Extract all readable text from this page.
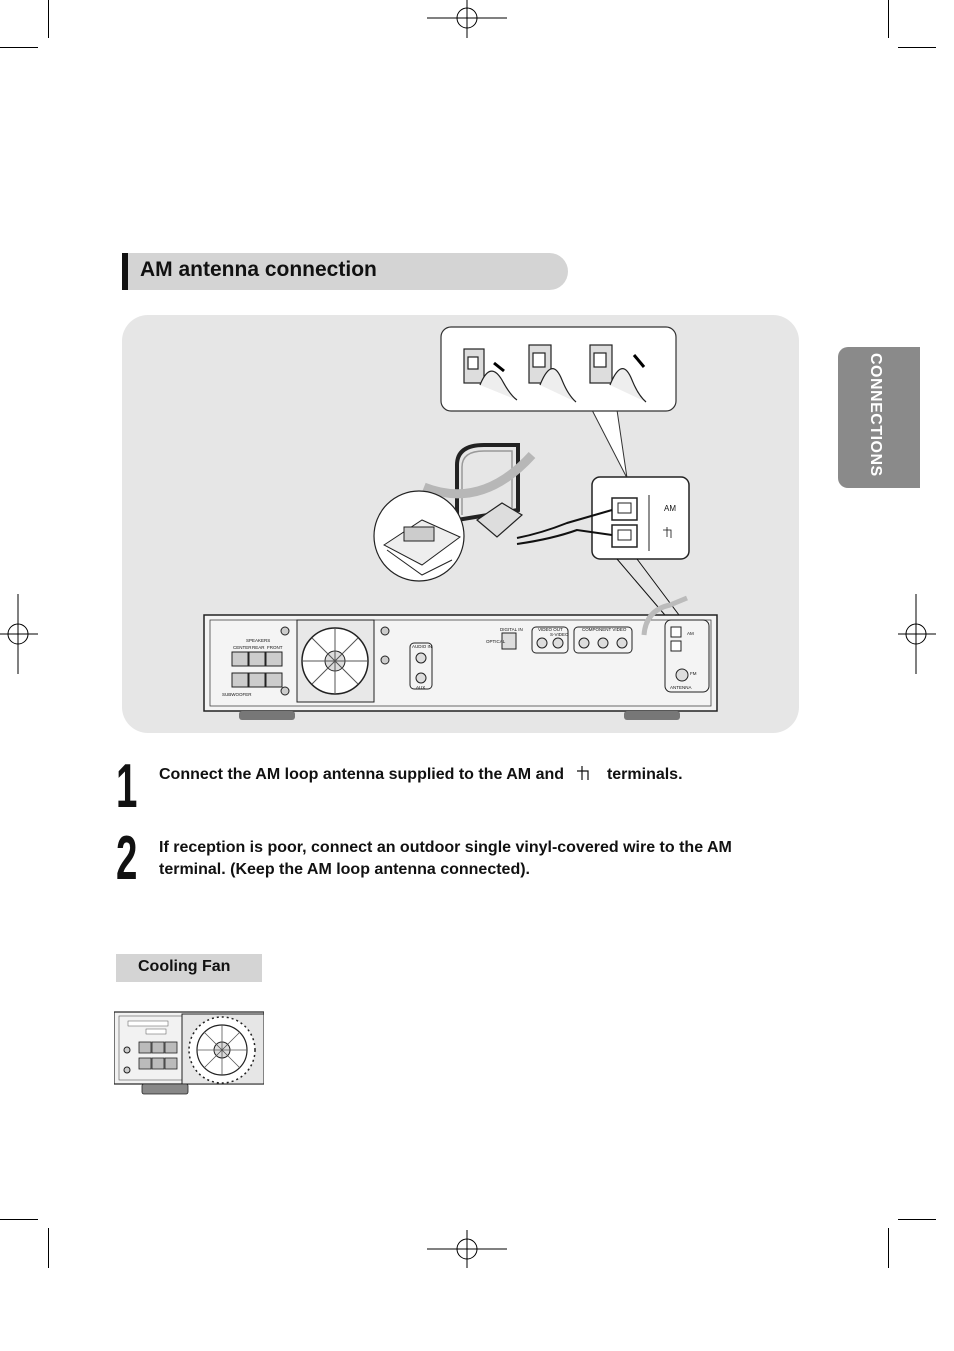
AM antenna connection
CONNECTIONS
AM
SPEAKERS CENTER REAR FRONT SUBWOOFER
AUDIO IN AUX
DIGITAL IN OPTICAL
VIDEO OUT S-VIDEO
COMPONENT VIDEO
AM FM ANTENNA
1 Connect the AM loop antenna supplied to the AM and	terminals.
2 If reception is poor, connect an outdoor single vinyl-covered wire to the AM
terminal. (Keep the AM loop antenna connected).
Cooling Fan
